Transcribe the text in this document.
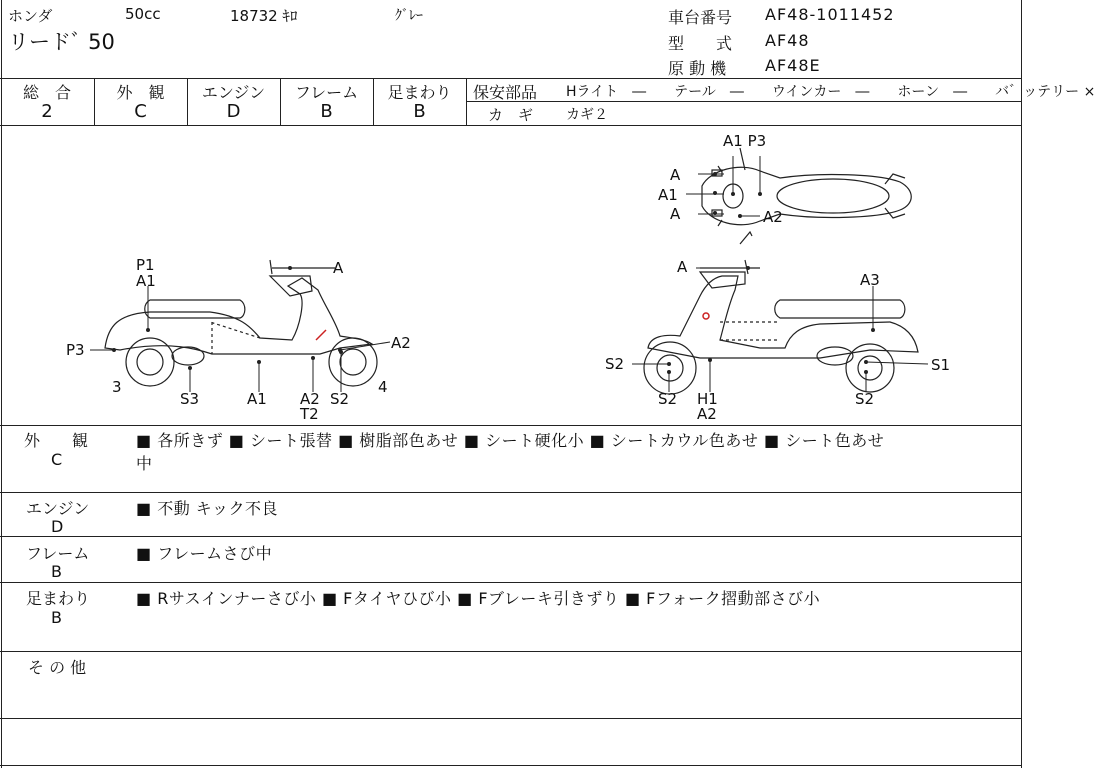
ホンダ	50cc	18732 ｷﾛ	ｸﾞﾚｰ
リードﾞ 50
車台番号 AF48-1011452
型　　式 AF48
原 動 機 AF48E
総　合
2
外　観
C
エンジン
D
フレーム
B
足まわり
B
保安部品 Hライト　―　　テール　―　　ウインカー　―　　ホーン　―　　バ゛ッテリー ×
カ　ギ カギ２
A1 P3
A
A1
A	A2
P1
A1
A
A2
P3
3
S3	A1 A2
T2
S2
4
A
A3
S2	S1
S2 H1
A2
S2
外　　観
C
■ 各所きず ■ シート張替 ■ 樹脂部色あせ ■ シート硬化小 ■ シートカウル色あせ ■ シート色あせ
中
エンジン
D
■ 不動 キック不良
フレーム
B
■ フレームさび中
足まわり
B
■ Rサスインナーさび小 ■ Fタイヤひび小 ■ Fブレーキ引きずり ■ Fフォーク摺動部さび小
そ の 他
